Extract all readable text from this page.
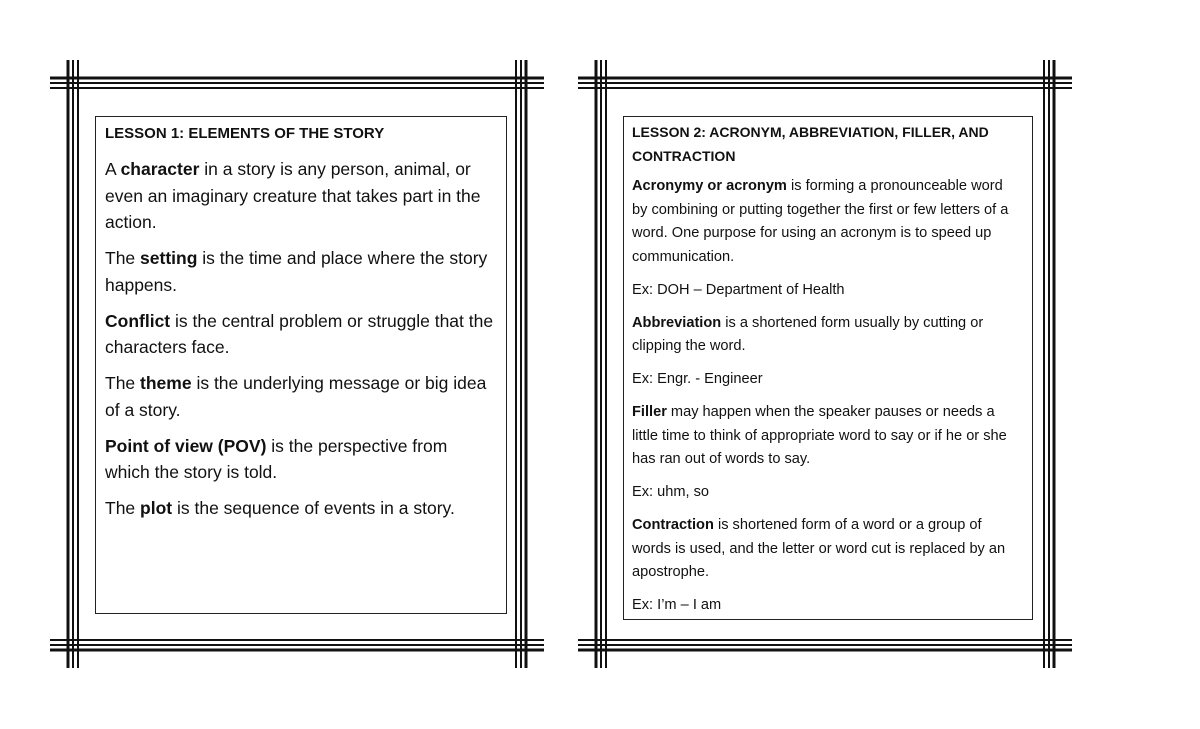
LESSON 1: ELEMENTS OF THE STORY

A character in a story is any person, animal, or even an imaginary creature that takes part in the action.

The setting is the time and place where the story happens.

Conflict is the central problem or struggle that the characters face.

The theme is the underlying message or big idea of a story.

Point of view (POV) is the perspective from which the story is told.

The plot is the sequence of events in a story.

LESSON 2: ACRONYM, ABBREVIATION, FILLER, AND CONTRACTION

Acronymy or acronym is forming a pronounceable word by combining or putting together the first or few letters of a word. One purpose for using an acronym is to speed up communication.

Ex: DOH – Department of Health

Abbreviation is a shortened form usually by cutting or clipping the word.

Ex: Engr. - Engineer

Filler may happen when the speaker pauses or needs a little time to think of appropriate word to say or if he or she has ran out of words to say.

Ex: uhm, so

Contraction is shortened form of a word or a group of words is used, and the letter or word cut is replaced by an apostrophe.

Ex: I’m – I am
